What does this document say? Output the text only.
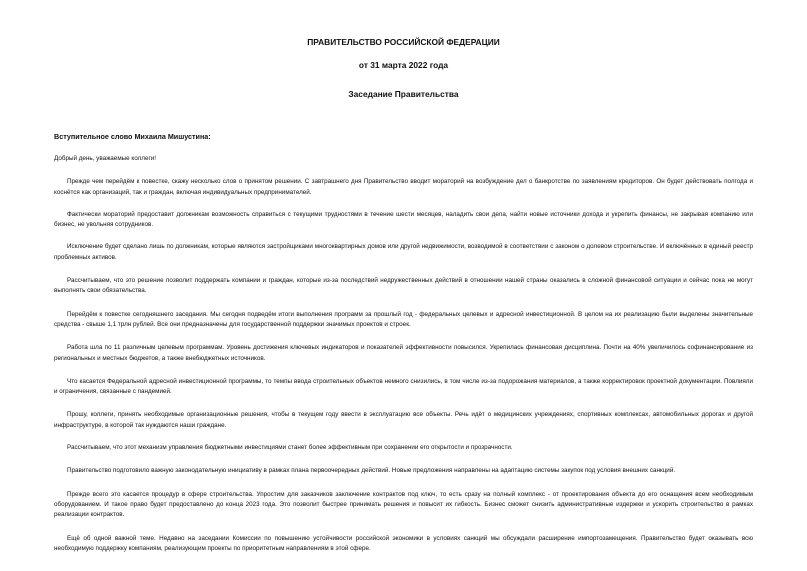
ПРАВИТЕЛЬСТВО РОССИЙСКОЙ ФЕДЕРАЦИИ

от 31 марта 2022 года

Заседание Правительства

Вступительное слово Михаила Мишустина:

Добрый день, уважаемые коллеги!

Прежде чем перейдём к повестке, скажу несколько слов о принятом решении. С завтрашнего дня Правительство вводит мораторий на возбуждение дел о банкротстве по заявлениям кредиторов. Он будет действовать полгода и коснётся как организаций, так и граждан, включая индивидуальных предпринимателей.

Фактически мораторий предоставит должникам возможность справиться с текущими трудностями в течение шести месяцев, наладить свои дела, найти новые источники дохода и укрепить финансы, не закрывая компанию или бизнес, не увольняя сотрудников.

Исключение будет сделано лишь по должникам, которые являются застройщиками многоквартирных домов или другой недвижимости, возводимой в соответствии с законом о долевом строительстве. И включённых в единый реестр проблемных активов.

Рассчитываем, что это решение позволит поддержать компании и граждан, которые из-за последствий недружественных действий в отношении нашей страны оказались в сложной финансовой ситуации и сейчас пока не могут выполнять свои обязательства.

Перейдём к повестке сегодняшнего заседания. Мы сегодня подведём итоги выполнения программ за прошлый год - федеральных целевых и адресной инвестиционной. В целом на их реализацию были выделены значительные средства - свыше 1,1 трлн рублей. Все они предназначены для государственной поддержки значимых проектов и строек.

Работа шла по 11 различным целевым программам. Уровень достижения ключевых индикаторов и показателей эффективности повысился. Укрепилась финансовая дисциплина. Почти на 40% увеличилось софинансирование из региональных и местных бюджетов, а также внебюджетных источников.

Что касается Федеральной адресной инвестиционной программы, то темпы ввода строительных объектов немного снизились, в том числе из-за подорожания материалов, а также корректировок проектной документации. Повлияли и ограничения, связанные с пандемией.

Прошу, коллеги, принять необходимые организационные решения, чтобы в текущем году ввести в эксплуатацию все объекты. Речь идёт о медицинских учреждениях, спортивных комплексах, автомобильных дорогах и другой инфраструктуре, в которой так нуждаются наши граждане.

Рассчитываем, что этот механизм управления бюджетными инвестициями станет более эффективным при сохранении его открытости и прозрачности.

Правительство подготовило важную законодательную инициативу в рамках плана первоочередных действий. Новые предложения направлены на адаптацию системы закупок под условия внешних санкций.

Прежде всего это касается процедур в сфере строительства. Упростим для заказчиков заключение контрактов под ключ, то есть сразу на полный комплекс - от проектирования объекта до его оснащения всем необходимым оборудованием. И такое право будет предоставлено до конца 2023 года. Это позволит быстрее принимать решения и повысит их гибкость. Бизнес сможет снизить административные издержки и ускорить строительство в рамках реализации контрактов.

Ещё об одной важной теме. Недавно на заседании Комиссии по повышению устойчивости российской экономики в условиях санкций мы обсуждали расширение импортозамещения. Правительство будет оказывать всю необходимую поддержку компаниям, реализующим проекты по приоритетным направлениям в этой сфере.
